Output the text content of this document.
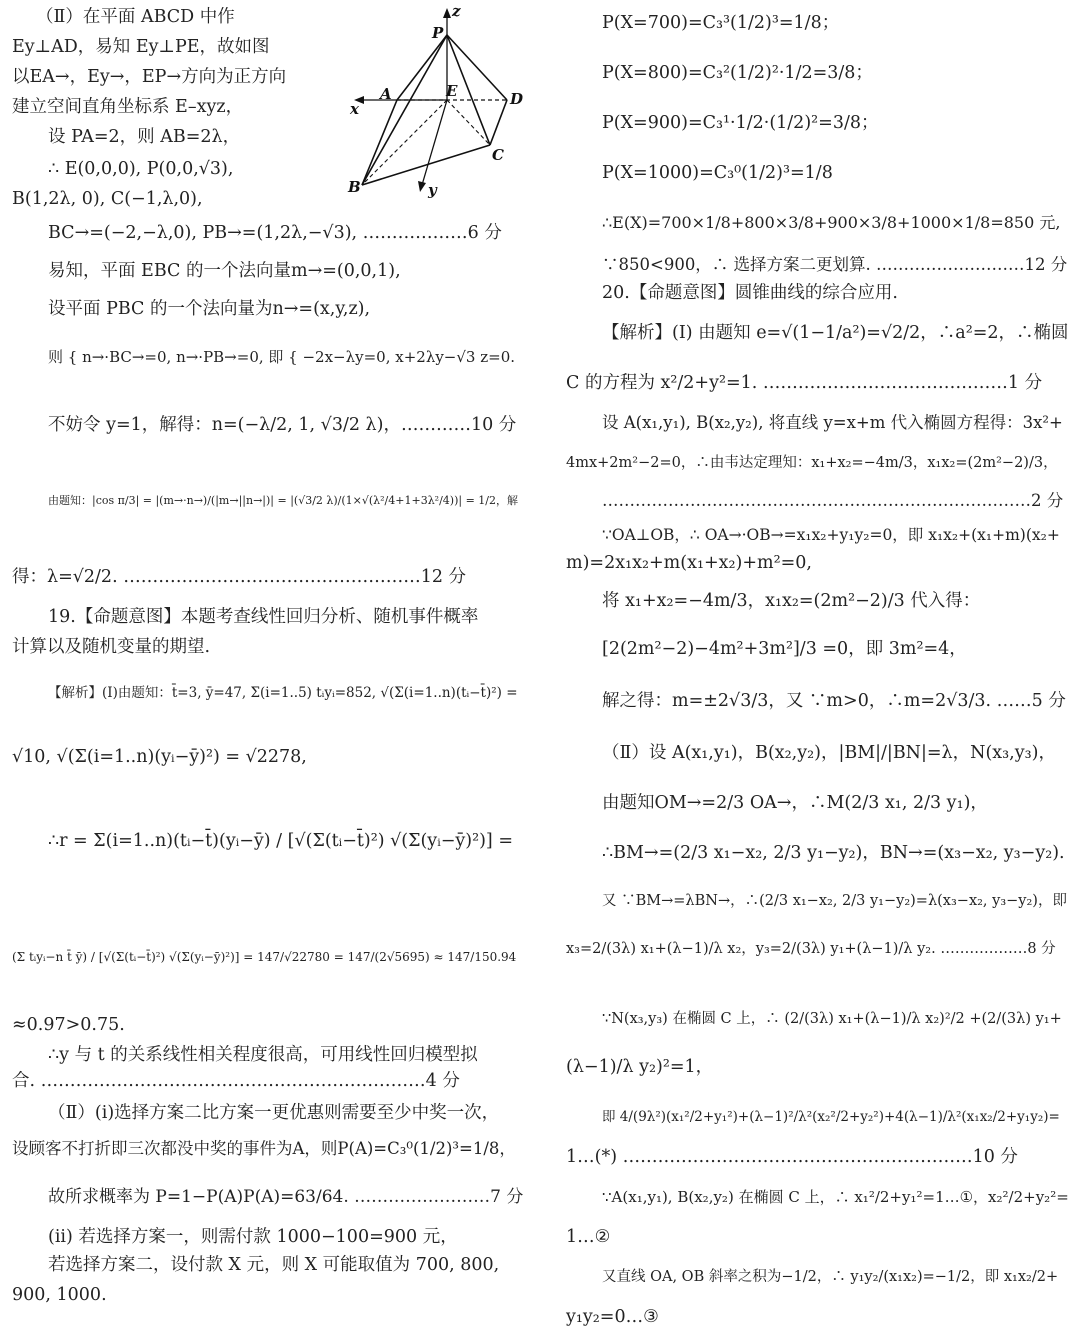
z
P
A	E	D
x
B	y
C
（Ⅱ）在平面 ABCD 中作
Ey⊥AD，易知 Ey⊥PE，故如图
以EA→，Ey→，EP→方向为正方向
建立空间直角坐标系 E–xyz，
设 PA=2，则 AB=2λ，
∴ E(0,0,0), P(0,0,√3),
B(1,2λ, 0), C(−1,λ,0),
BC→=(−2,−λ,0), PB→=(1,2λ,−√3), ………………6 分
易知，平面 EBC 的一个法向量m→=(0,0,1),
设平面 PBC 的一个法向量为n→=(x,y,z),
则 { n→·BC→=0, n→·PB→=0, 即 { −2x−λy=0, x+2λy−√3 z=0.
不妨令 y=1，解得：n=(−λ/2, 1, √3/2 λ)，…………10 分
由题知：|cos π/3| = |(m→·n→)/(|m→||n→|)| = |(√3/2 λ)/(1×√(λ²/4+1+3λ²/4))| = 1/2，解
得：λ=√2/2. ……………………………………………12 分
19.【命题意图】本题考查线性回归分析、随机事件概率
计算以及随机变量的期望.
【解析】(Ⅰ)由题知：t̄=3, ȳ=47, Σ(i=1..5) tᵢyᵢ=852, √(Σ(i=1..n)(tᵢ−t̄)²) =
√10, √(Σ(i=1..n)(yᵢ−ȳ)²) = √2278,
∴r = Σ(i=1..n)(tᵢ−t̄)(yᵢ−ȳ) / [√(Σ(tᵢ−t̄)²) √(Σ(yᵢ−ȳ)²)] =
(Σ tᵢyᵢ−n t̄ ȳ) / [√(Σ(tᵢ−t̄)²) √(Σ(yᵢ−ȳ)²)] = 147/√22780 = 147/(2√5695) ≈ 147/150.94
≈0.97>0.75.
∴y 与 t 的关系线性相关程度很高，可用线性回归模型拟
合. …………………………………………………………4 分
（Ⅱ）(i)选择方案二比方案一更优惠则需要至少中奖一次，
设顾客不打折即三次都没中奖的事件为A，则P(A)=C₃⁰(1/2)³=1/8，
故所求概率为 P=1−P(A)P(A)=63/64. ……………………7 分
(ii) 若选择方案一，则需付款 1000−100=900 元，
若选择方案二，设付款 X 元，则 X 可能取值为 700, 800,
900, 1000.
P(X=700)=C₃³(1/2)³=1/8；
P(X=800)=C₃²(1/2)²·1/2=3/8；
P(X=900)=C₃¹·1/2·(1/2)²=3/8；
P(X=1000)=C₃⁰(1/2)³=1/8
∴E(X)=700×1/8+800×3/8+900×3/8+1000×1/8=850 元,
∵850<900，∴ 选择方案二更划算. ………………………12 分
20.【命题意图】圆锥曲线的综合应用.
【解析】(Ⅰ) 由题知 e=√(1−1/a²)=√2/2，∴a²=2，∴椭圆
C 的方程为 x²/2+y²=1. ……………………………………1 分
设 A(x₁,y₁), B(x₂,y₂), 将直线 y=x+m 代入椭圆方程得：3x²+
4mx+2m²−2=0，∴由韦达定理知：x₁+x₂=−4m/3，x₁x₂=(2m²−2)/3，
……………………………………………………………………2 分
∵OA⊥OB，∴ OA→·OB→=x₁x₂+y₁y₂=0，即 x₁x₂+(x₁+m)(x₂+
m)=2x₁x₂+m(x₁+x₂)+m²=0,
将 x₁+x₂=−4m/3，x₁x₂=(2m²−2)/3 代入得：
[2(2m²−2)−4m²+3m²]/3 =0，即 3m²=4，
解之得：m=±2√3/3，又 ∵m>0，∴m=2√3/3. ……5 分
（Ⅱ）设 A(x₁,y₁)，B(x₂,y₂)，|BM|/|BN|=λ，N(x₃,y₃)，
由题知OM→=2/3 OA→，∴M(2/3 x₁, 2/3 y₁)，
∴BM→=(2/3 x₁−x₂, 2/3 y₁−y₂)，BN→=(x₃−x₂, y₃−y₂).
又 ∵BM→=λBN→，∴(2/3 x₁−x₂, 2/3 y₁−y₂)=λ(x₃−x₂, y₃−y₂)，即
x₃=2/(3λ) x₁+(λ−1)/λ x₂，y₃=2/(3λ) y₁+(λ−1)/λ y₂. ………………8 分
∵N(x₃,y₃) 在椭圆 C 上，∴ (2/(3λ) x₁+(λ−1)/λ x₂)²/2 +(2/(3λ) y₁+
(λ−1)/λ y₂)²=1，
即 4/(9λ²)(x₁²/2+y₁²)+(λ−1)²/λ²(x₂²/2+y₂²)+4(λ−1)/λ²(x₁x₂/2+y₁y₂)=
1…(*) ……………………………………………………10 分
∵A(x₁,y₁), B(x₂,y₂) 在椭圆 C 上，∴ x₁²/2+y₁²=1…①，x₂²/2+y₂²=
1…②
又直线 OA, OB 斜率之积为−1/2，∴ y₁y₂/(x₁x₂)=−1/2，即 x₁x₂/2+
y₁y₂=0…③
